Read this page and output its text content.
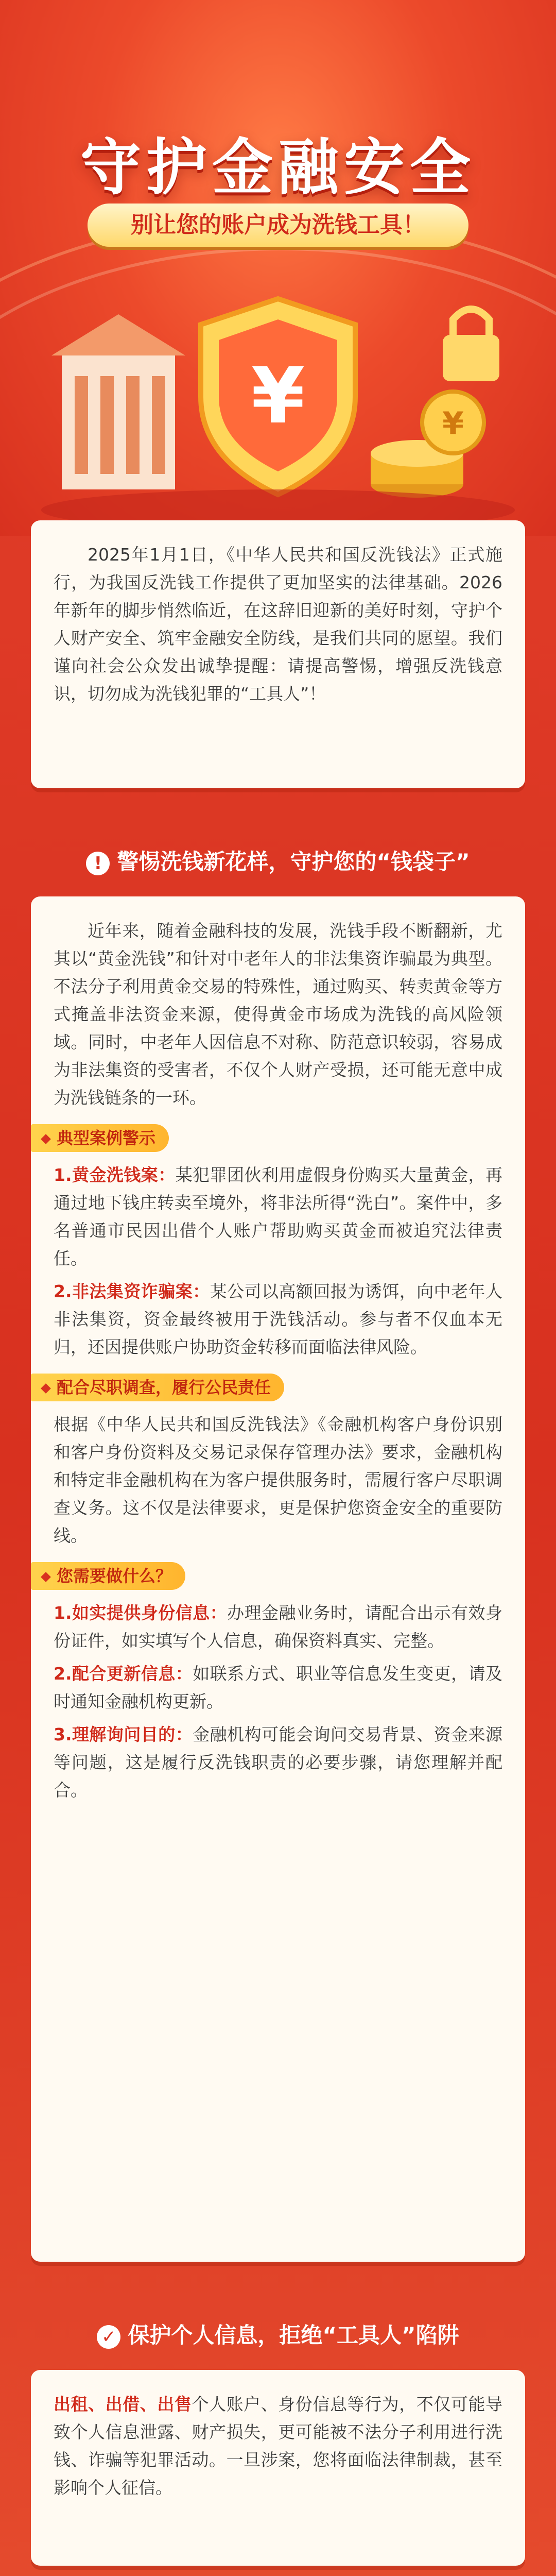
守护金融安全
别让您的账户成为洗钱工具！
¥	¥

2025年1月1日，《中华人民共和国反洗钱法》正式施行，为我国反洗钱工作提供了更加坚实的法律基础。2026年新年的脚步悄然临近，在这辞旧迎新的美好时刻，守护个人财产安全、筑牢金融安全防线，是我们共同的愿望。我们谨向社会公众发出诚挚提醒：请提高警惕，增强反洗钱意识，切勿成为洗钱犯罪的“工具人”！

! 警惕洗钱新花样，守护您的“钱袋子”

近年来，随着金融科技的发展，洗钱手段不断翻新，尤其以“黄金洗钱”和针对中老年人的非法集资诈骗最为典型。不法分子利用黄金交易的特殊性，通过购买、转卖黄金等方式掩盖非法资金来源，使得黄金市场成为洗钱的高风险领域。同时，中老年人因信息不对称、防范意识较弱，容易成为非法集资的受害者，不仅个人财产受损，还可能无意中成为洗钱链条的一环。

典型案例警示

1.黄金洗钱案：某犯罪团伙利用虚假身份购买大量黄金，再通过地下钱庄转卖至境外，将非法所得“洗白”。案件中，多名普通市民因出借个人账户帮助购买黄金而被追究法律责任。

2.非法集资诈骗案：某公司以高额回报为诱饵，向中老年人非法集资，资金最终被用于洗钱活动。参与者不仅血本无归，还因提供账户协助资金转移而面临法律风险。

配合尽职调查，履行公民责任

根据《中华人民共和国反洗钱法》《金融机构客户身份识别和客户身份资料及交易记录保存管理办法》要求，金融机构和特定非金融机构在为客户提供服务时，需履行客户尽职调查义务。这不仅是法律要求，更是保护您资金安全的重要防线。

您需要做什么？

1.如实提供身份信息：办理金融业务时，请配合出示有效身份证件，如实填写个人信息，确保资料真实、完整。

2.配合更新信息：如联系方式、职业等信息发生变更，请及时通知金融机构更新。

3.理解询问目的：金融机构可能会询问交易背景、资金来源等问题，这是履行反洗钱职责的必要步骤，请您理解并配合。

✓ 保护个人信息，拒绝“工具人”陷阱

出租、出借、出售个人账户、身份信息等行为，不仅可能导致个人信息泄露、财产损失，更可能被不法分子利用进行洗钱、诈骗等犯罪活动。一旦涉案，您将面临法律制裁，甚至影响个人征信。
